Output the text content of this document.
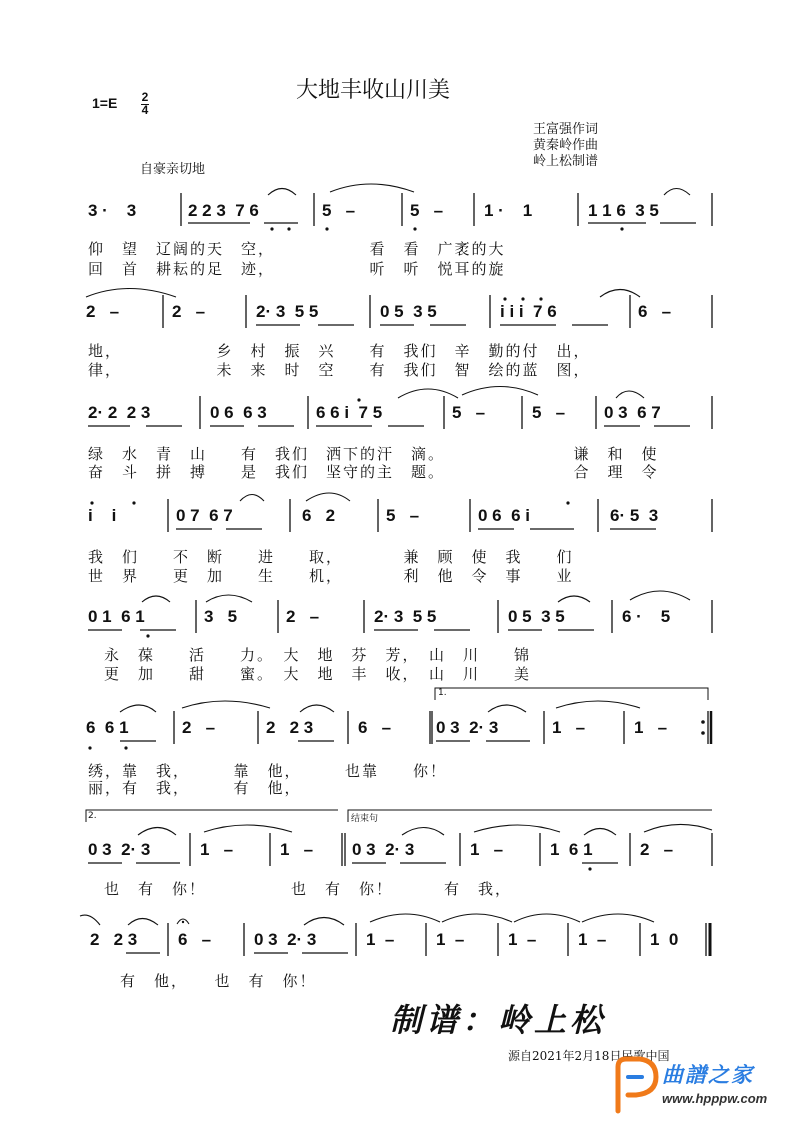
大地丰收山川美
1=E 2
4
王富强作词
黄秦岭作曲
岭上松制谱
自豪亲切地
3 ·    3	2 2 3  7 6	5   –	5   – 1 ·    1	1 1 6  3 5
仰　望　辽阔的天　空，　　　　　　看　看　广袤的大
回　首　耕耘的足　迹，　　　　　　听　听　悦耳的旋
2   –	2   –	2· 3  5 5	0 5  3 5	i i i  7 6	6   –
地，　　　　　　乡　村　振　兴　　有　我们　辛　勤的付　出，
律，　　　　　　未　来　时　空　　有　我们　智　绘的蓝　图，
2· 2  2 3	0 6  6 3	6 6 i  7 5	5   –	5   – 0 3  6 7
绿　水　青　山　　有　我们　洒下的汗　滴。　　　　　　　　谦　和　使
奋　斗　拼　搏　　是　我们　坚守的主　题。　　　　　　　　合　理　令
i    i	0 7  6 7	6   2	5   –	0 6  6 i	6· 5  3
我　们　　不　断　　进　　取，　　　　兼　顾　使　我　　们
世　界　　更　加　　生　　机，　　　　利　他　令　事　　业
0 1  6 1	3   5	2   –	2· 3  5 5	0 5  3 5	6 ·    5
永　葆　　活　　力。　大　地　芬　芳，　山　川　　锦
更　加　　甜　　蜜。　大　地　丰　收，　山　川　　美
1.
6  6 1	2   –	2   2 3	6   –	0 3  2· 3	1   –	1   –
绣，靠　我，　　　靠　他，　　　也靠　　你！
丽，有　我，　　　有　他，
2.	结束句
0 3  2· 3	1   –	1   – 0 3  2· 3	1   –	1  6 1	2   –
也　有　你！　　　　　也　有　你！　　　有　我，
2   2 3 6   –	0 3  2· 3	1  – 1  –	1  – 1  –	1  0
有　他，　　也　有　你！
制谱：岭上松
源自2021年2月18日民歌中国
曲譜之家
www.hpppw.com
